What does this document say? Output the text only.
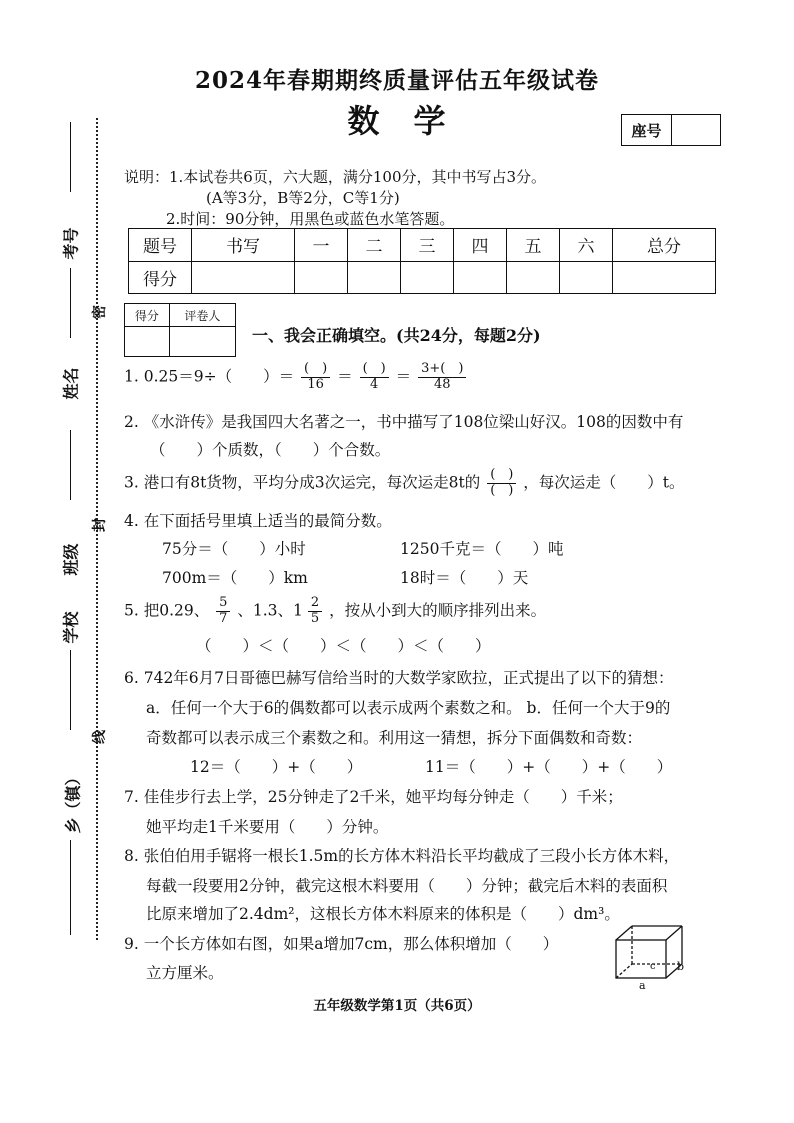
考号
密
姓名
班级
封
学校
线
乡（镇）
2024年春期期终质量评估五年级试卷
数　学	座号
说明：1.本试卷共6页，六大题，满分100分，其中书写占3分。
(A等3分，B等2分，C等1分)
2.时间：90分钟，用黑色或蓝色水笔答题。
题号	书写	一	二	三	四	五	六	总分
得分								
得分	评卷人

一、我会正确填空。(共24分，每题2分)
1. 0.25＝9÷（　　）＝ $\frac{( )}{16} = \frac{( )}{4} = \frac{3+( )}{48}$
2. 《水浒传》是我国四大名著之一，书中描写了108位梁山好汉。108的因数中有
（　　）个质数，（　　）个合数。
3. 港口有8t货物，平均分成3次运完，每次运走8t的 $\frac{( )}{( )}$ ，每次运走（　　）t。
4. 在下面括号里填上适当的最简分数。
75分＝（　　）小时	1250千克＝（　　）吨
700m＝（　　）km	18时＝（　　）天
5. 把0.29、 $\frac{5}{7}$ 、1.3、$1 \frac{2}{5}$ ，按从小到大的顺序排列出来。
（　　）＜（　　）＜（　　）＜（　　）
6. 742年6月7日哥德巴赫写信给当时的大数学家欧拉，正式提出了以下的猜想：
a．任何一个大于6的偶数都可以表示成两个素数之和。 b．任何一个大于9的
奇数都可以表示成三个素数之和。利用这一猜想，拆分下面偶数和奇数：
12＝（　　）+（　　）	11＝（　　）+（　　）+（　　）
7. 佳佳步行去上学，25分钟走了2千米，她平均每分钟走（　　）千米；
她平均走1千米要用（　　）分钟。
8. 张伯伯用手锯将一根长1.5m的长方体木料沿长平均截成了三段小长方体木料，
每截一段要用2分钟，截完这根木料要用（　　）分钟；截完后木料的表面积
比原来增加了2.4dm²，这根长方体木料原来的体积是（　　）dm³。
9. 一个长方体如右图，如果a增加7cm，那么体积增加（　　）
立方厘米。
a
b
c
五年级数学第1页（共6页）
